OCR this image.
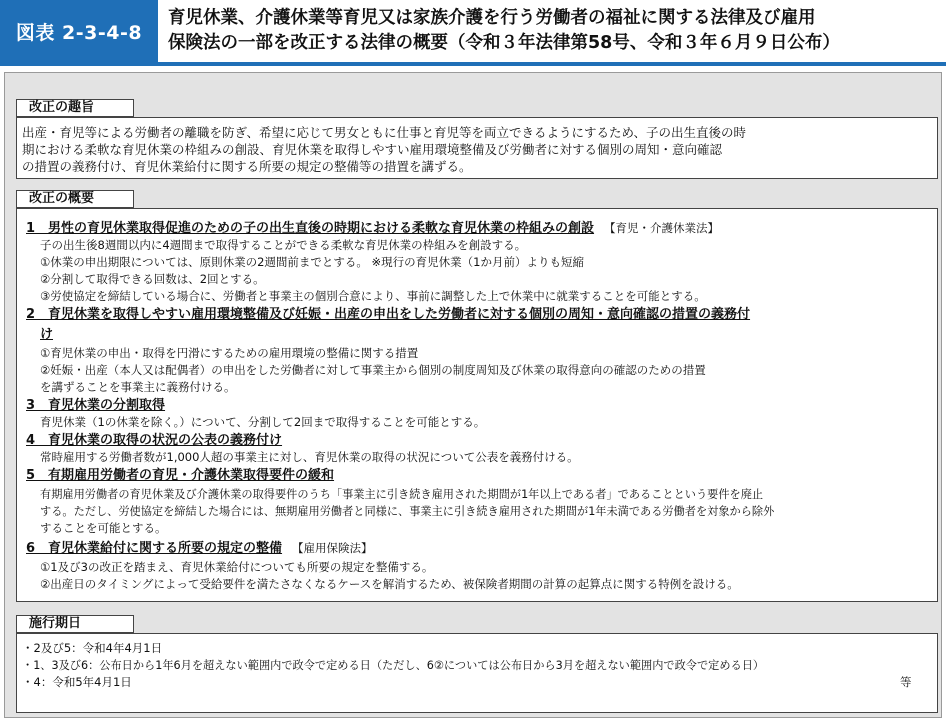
図表 2-3-4-8
育児休業、介護休業等育児又は家族介護を行う労働者の福祉に関する法律及び雇用
保険法の一部を改正する法律の概要（令和３年法律第58号、令和３年６月９日公布）
改正の趣旨
出産・育児等による労働者の離職を防ぎ、希望に応じて男女ともに仕事と育児等を両立できるようにするため、子の出生直後の時
期における柔軟な育児休業の枠組みの創設、育児休業を取得しやすい雇用環境整備及び労働者に対する個別の周知・意向確認
の措置の義務付け、育児休業給付に関する所要の規定の整備等の措置を講ずる。
改正の概要
1　男性の育児休業取得促進のための子の出生直後の時期における柔軟な育児休業の枠組みの創設 【育児・介護休業法】
子の出生後8週間以内に4週間まで取得することができる柔軟な育児休業の枠組みを創設する。
①休業の申出期限については、原則休業の2週間前までとする。 ※現行の育児休業（1か月前）よりも短縮
②分割して取得できる回数は、2回とする。
③労使協定を締結している場合に、労働者と事業主の個別合意により、事前に調整した上で休業中に就業することを可能とする。
2　育児休業を取得しやすい雇用環境整備及び妊娠・出産の申出をした労働者に対する個別の周知・意向確認の措置の義務付
け
①育児休業の申出・取得を円滑にするための雇用環境の整備に関する措置
②妊娠・出産（本人又は配偶者）の申出をした労働者に対して事業主から個別の制度周知及び休業の取得意向の確認のための措置
を講ずることを事業主に義務付ける。
3　育児休業の分割取得
育児休業（1の休業を除く。）について、分割して2回まで取得することを可能とする。
4　育児休業の取得の状況の公表の義務付け
常時雇用する労働者数が1,000人超の事業主に対し、育児休業の取得の状況について公表を義務付ける。
5　有期雇用労働者の育児・介護休業取得要件の緩和
有期雇用労働者の育児休業及び介護休業の取得要件のうち「事業主に引き続き雇用された期間が1年以上である者」であることという要件を廃止
する。ただし、労使協定を締結した場合には、無期雇用労働者と同様に、事業主に引き続き雇用された期間が1年未満である労働者を対象から除外
することを可能とする。
6　育児休業給付に関する所要の規定の整備 【雇用保険法】
①1及び3の改正を踏まえ、育児休業給付についても所要の規定を整備する。
②出産日のタイミングによって受給要件を満たさなくなるケースを解消するため、被保険者期間の計算の起算点に関する特例を設ける。
施行期日
・2及び5：令和4年4月1日
・1、3及び6：公布日から1年6月を超えない範囲内で政令で定める日（ただし、6②については公布日から3月を超えない範囲内で政令で定める日）
・4：令和5年4月1日	等
